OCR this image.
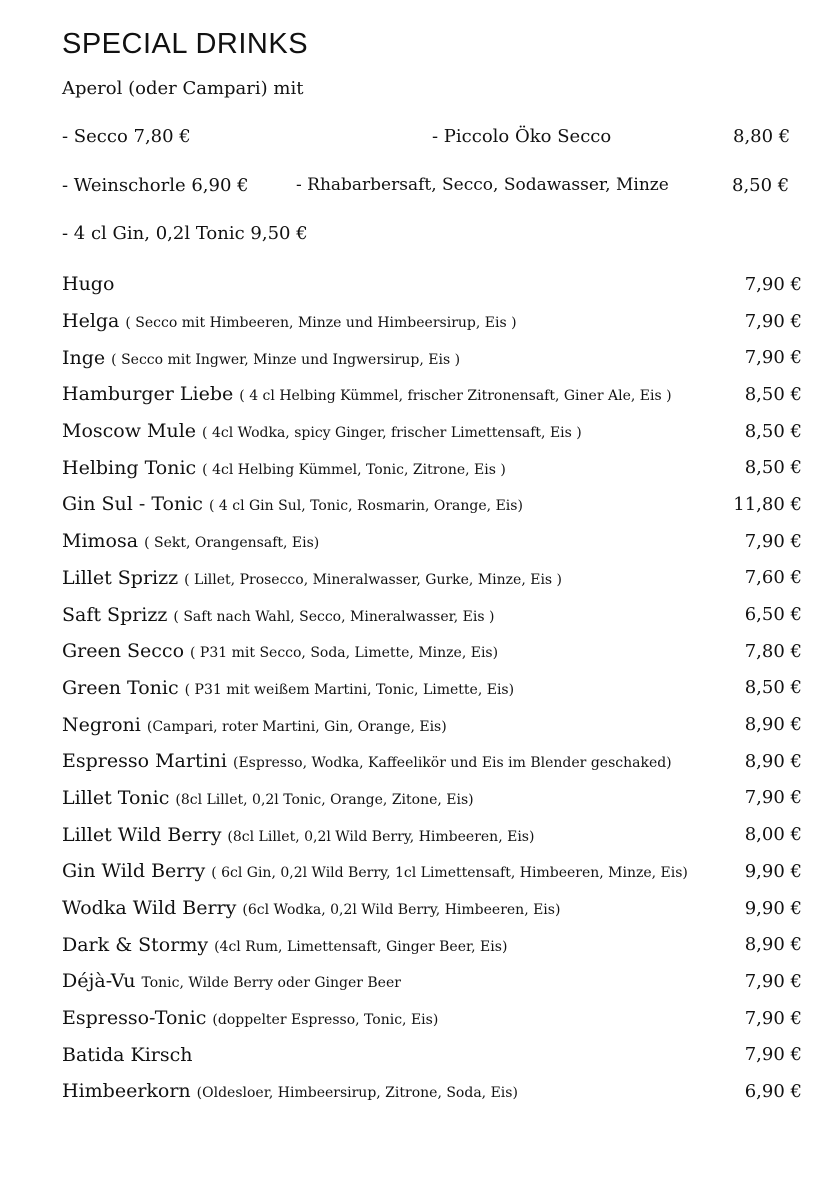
SPECIAL DRINKS
Aperol (oder Campari) mit
- Secco 7,80 €	- Piccolo Öko Secco	8,80 €
- Weinschorle 6,90 €	- Rhabarbersaft, Secco, Sodawasser, Minze	8,50 €
- 4 cl Gin, 0,2l Tonic 9,50 €
Hugo	7,90 €
Helga ( Secco mit Himbeeren, Minze und Himbeersirup, Eis )	7,90 €
Inge ( Secco mit Ingwer, Minze und Ingwersirup, Eis )	7,90 €
Hamburger Liebe ( 4 cl Helbing Kümmel, frischer Zitronensaft, Giner Ale, Eis )	8,50 €
Moscow Mule ( 4cl Wodka, spicy Ginger, frischer Limettensaft, Eis )	8,50 €
Helbing Tonic ( 4cl Helbing Kümmel, Tonic, Zitrone, Eis )	8,50 €
Gin Sul - Tonic ( 4 cl Gin Sul, Tonic, Rosmarin, Orange, Eis)	11,80 €
Mimosa ( Sekt, Orangensaft, Eis)	7,90 €
Lillet Sprizz ( Lillet, Prosecco, Mineralwasser, Gurke, Minze, Eis )	7,60 €
Saft Sprizz ( Saft nach Wahl, Secco, Mineralwasser, Eis )	6,50 €
Green Secco ( P31 mit Secco, Soda, Limette, Minze, Eis)	7,80 €
Green Tonic ( P31 mit weißem Martini, Tonic, Limette, Eis)	8,50 €
Negroni (Campari, roter Martini, Gin, Orange, Eis)	8,90 €
Espresso Martini (Espresso, Wodka, Kaffeelikör und Eis im Blender geschaked)	8,90 €
Lillet Tonic (8cl Lillet, 0,2l Tonic, Orange, Zitone, Eis)	7,90 €
Lillet Wild Berry (8cl Lillet, 0,2l Wild Berry, Himbeeren, Eis)	8,00 €
Gin Wild Berry ( 6cl Gin, 0,2l Wild Berry, 1cl Limettensaft, Himbeeren, Minze, Eis)	9,90 €
Wodka Wild Berry (6cl Wodka, 0,2l Wild Berry, Himbeeren, Eis)	9,90 €
Dark & Stormy (4cl Rum, Limettensaft, Ginger Beer, Eis)	8,90 €
Déjà-Vu Tonic, Wilde Berry oder Ginger Beer	7,90 €
Espresso-Tonic (doppelter Espresso, Tonic, Eis)	7,90 €
Batida Kirsch	7,90 €
Himbeerkorn (Oldesloer, Himbeersirup, Zitrone, Soda, Eis)	6,90 €
